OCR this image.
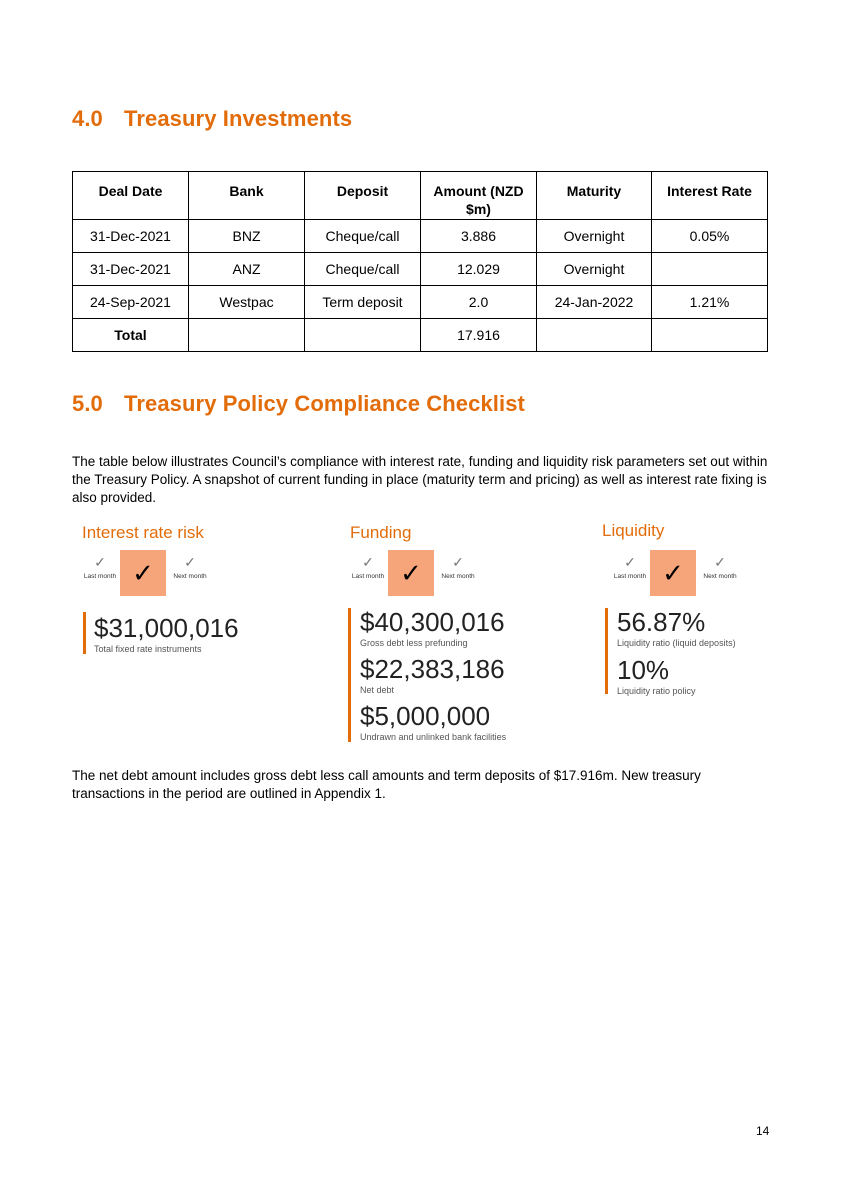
4.0 Treasury Investments
Deal Date	Bank	Deposit	Amount (NZD $m)	Maturity	Interest Rate
31-Dec-2021	BNZ	Cheque/call	3.886	Overnight	0.05%
31-Dec-2021	ANZ	Cheque/call	12.029	Overnight	
24-Sep-2021	Westpac	Term deposit	2.0	24-Jan-2022	1.21%
Total			17.916		
5.0 Treasury Policy Compliance Checklist

The table below illustrates Council’s compliance with interest rate, funding and liquidity risk parameters set out within the Treasury Policy. A snapshot of current funding in place (maturity term and pricing) as well as interest rate fixing is also provided.

Interest rate risk
✓
Last month ✓	✓
Next month
$31,000,016
Total fixed rate instruments
Funding
✓
Last month ✓	✓
Next month
$40,300,016
Gross debt less prefunding
$22,383,186
Net debt
$5,000,000
Undrawn and unlinked bank facilities
Liquidity
✓
Last month ✓	✓
Next month
56.87%
Liquidity ratio (liquid deposits)
10%
Liquidity ratio policy

The net debt amount includes gross debt less call amounts and term deposits of $17.916m. New treasury transactions in the period are outlined in Appendix 1.

14
